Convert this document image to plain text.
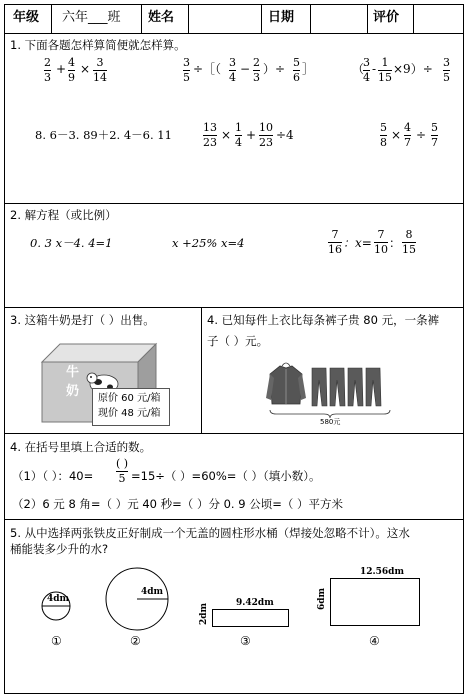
年级 六年___班 姓名	日期	评价
1. 下面各题怎样算简便就怎样算。
2
3
+ 4
9
× 3
14
3
5
÷［（ 3
4
− 2
3
）÷ 5
6
］	（
3
4
- 1
15
×9）÷ 3
5
8. 6－3. 89＋2. 4－6. 11
13
23
×
1
4
+
10
23
÷4
5
8
×
4
7
÷
5
7
2. 解方程（或比例）
0. 3 x－4. 4=1	x +25% x=4
7
16 ：x=
7
10 ：
8
15
3. 这箱牛奶是打（ ）出售。
牛
奶 原价 60 元/箱
现价 48 元/箱
4. 已知每件上衣比每条裤子贵 80 元，一条裤
子（ ）元。
580元
4. 在括号里填上合适的数。
（1）（ ）：40=
( )
5 =15÷（ ）=60%=（ ）（填小数）。
（2）6 元 8 角=（ ）元 40 秒=（ ）分 0. 9 公顷=（ ）平方米
5. 从中选择两张铁皮正好制成一个无盖的圆柱形水桶（焊接处忽略不计）。这水
桶能装多少升的水?
4dm
4dm
9.42dm
2dm
12.56dm
6dm
①	②	③	④
